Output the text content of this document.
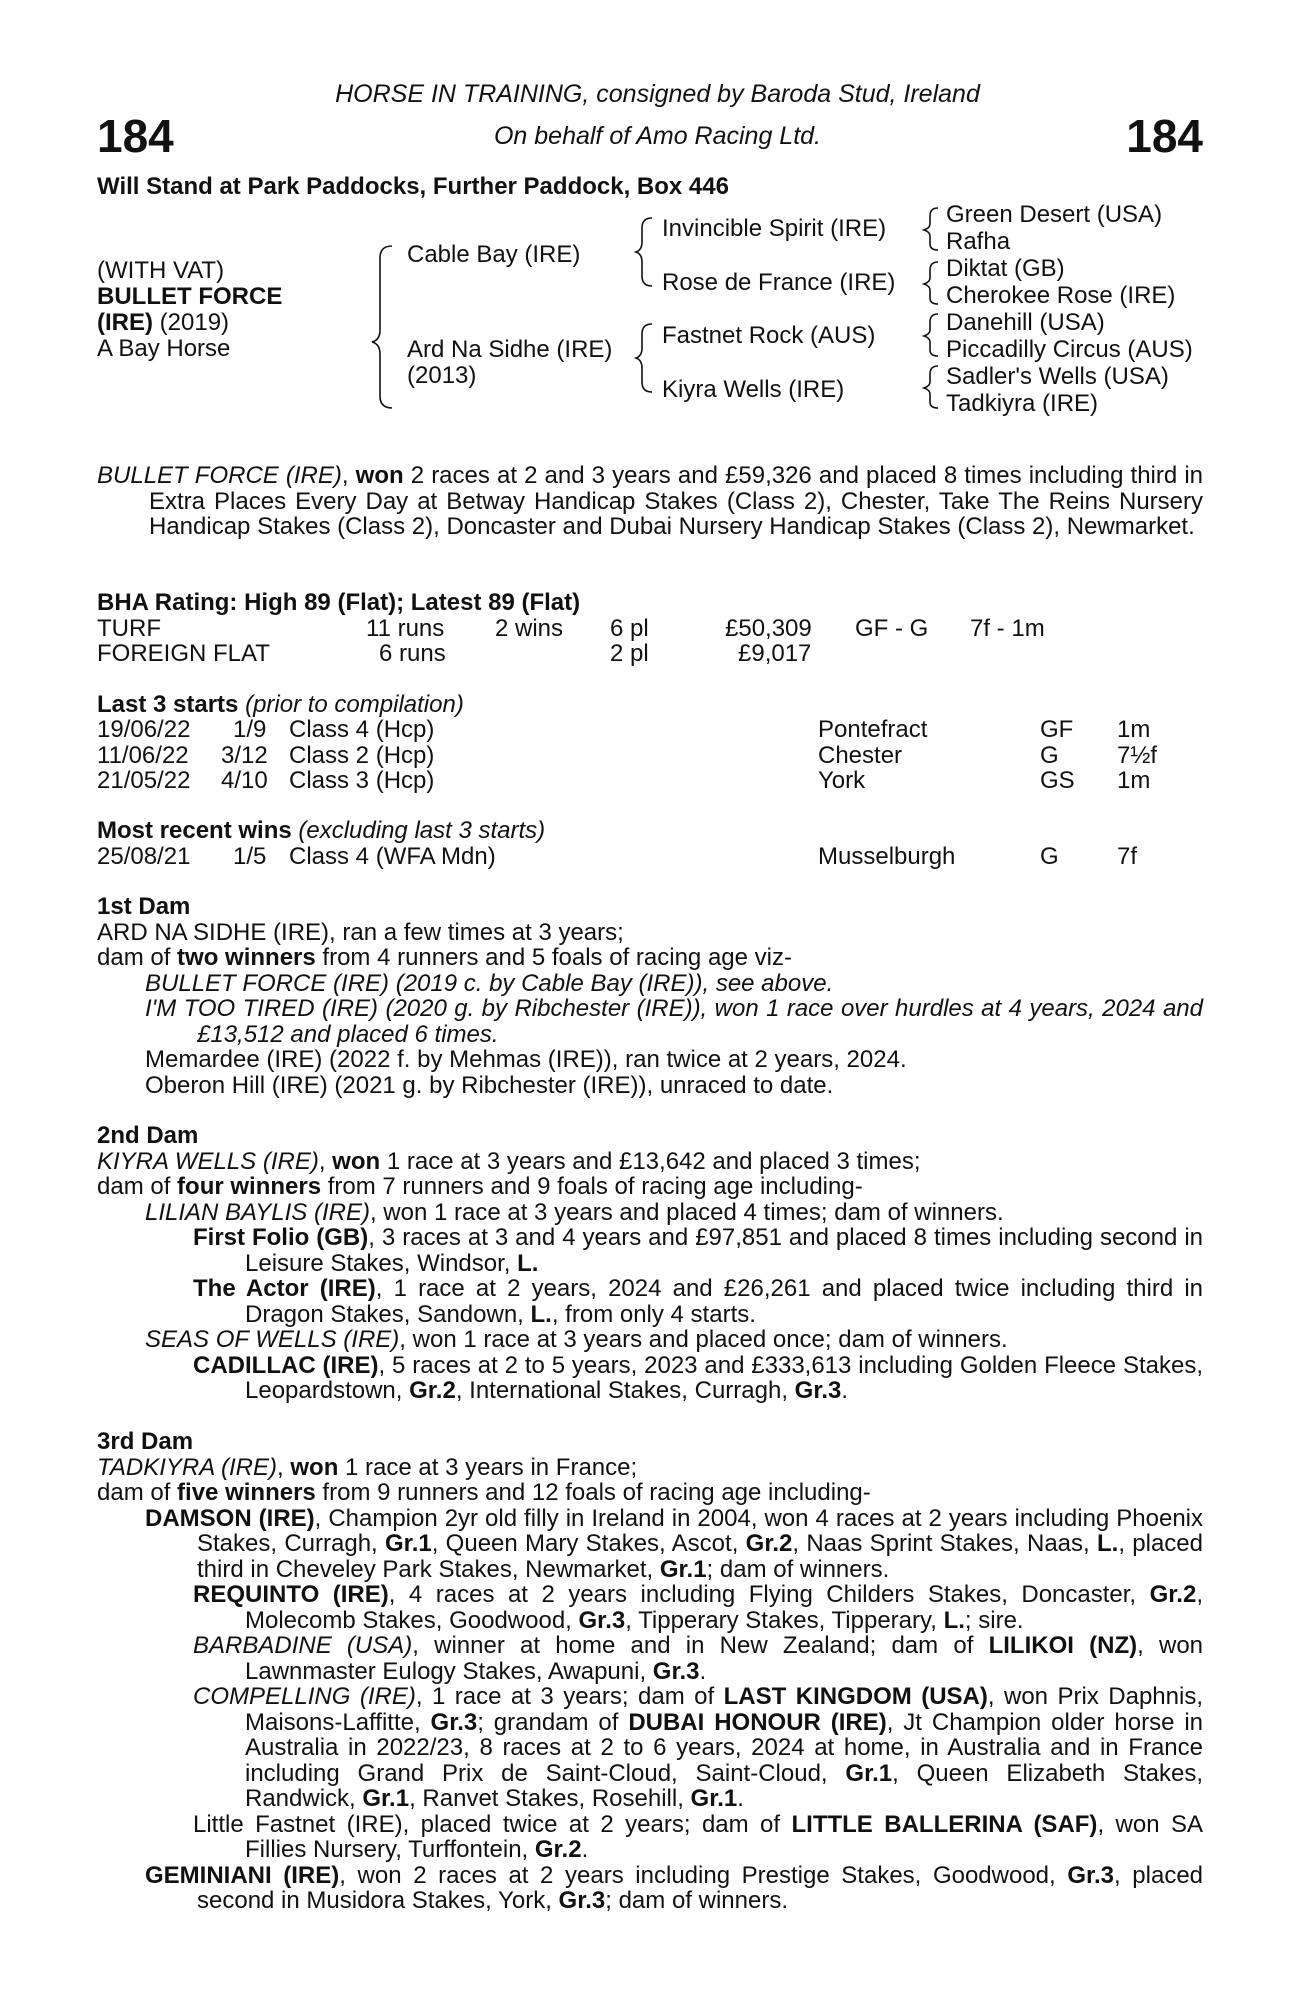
184	184
HORSE IN TRAINING, consigned by Baroda Stud, Ireland
On behalf of Amo Racing Ltd.
Will Stand at Park Paddocks, Further Paddock, Box 446
(WITH VAT)
BULLET FORCE
(IRE) (2019)
A Bay Horse
Cable Bay (IRE)
Ard Na Sidhe (IRE)
(2013)
Invincible Spirit (IRE)
Rose de France (IRE)
Fastnet Rock (AUS)
Kiyra Wells (IRE)
Green Desert (USA)
Rafha
Diktat (GB)
Cherokee Rose (IRE)
Danehill (USA)
Piccadilly Circus (AUS)
Sadler's Wells (USA)
Tadkiyra (IRE)

BULLET FORCE (IRE), won 2 races at 2 and 3 years and £59,326 and placed 8 times including third in Extra Places Every Day at Betway Handicap Stakes (Class 2), Chester, Take The Reins Nursery Handicap Stakes (Class 2), Doncaster and Dubai Nursery Handicap Stakes (Class 2), Newmarket.

BHA Rating: High 89 (Flat); Latest 89 (Flat)
TURF	11 runs 2 wins 6 pl	£50,309 GF - G 7f - 1m
FOREIGN FLAT	6 runs	2 pl	£9,017
Last 3 starts (prior to compilation)
19/06/22 1/9 Class 4 (Hcp)	Pontefract	GF 1m
11/06/22 3/12 Class 2 (Hcp)	Chester	G 7½f
21/05/22 4/10 Class 3 (Hcp)	York	GS 1m
Most recent wins (excluding last 3 starts)
25/08/21 1/5 Class 4 (WFA Mdn)	Musselburgh	G 7f

1st Dam

ARD NA SIDHE (IRE), ran a few times at 3 years;

dam of two winners from 4 runners and 5 foals of racing age viz-

BULLET FORCE (IRE) (2019 c. by Cable Bay (IRE)), see above.

I'M TOO TIRED (IRE) (2020 g. by Ribchester (IRE)), won 1 race over hurdles at 4 years, 2024 and £13,512 and placed 6 times.

Memardee (IRE) (2022 f. by Mehmas (IRE)), ran twice at 2 years, 2024.

Oberon Hill (IRE) (2021 g. by Ribchester (IRE)), unraced to date.

2nd Dam

KIYRA WELLS (IRE), won 1 race at 3 years and £13,642 and placed 3 times;

dam of four winners from 7 runners and 9 foals of racing age including-

LILIAN BAYLIS (IRE), won 1 race at 3 years and placed 4 times; dam of winners.

First Folio (GB), 3 races at 3 and 4 years and £97,851 and placed 8 times including second in Leisure Stakes, Windsor, L.

The Actor (IRE), 1 race at 2 years, 2024 and £26,261 and placed twice including third in Dragon Stakes, Sandown, L., from only 4 starts.

SEAS OF WELLS (IRE), won 1 race at 3 years and placed once; dam of winners.

CADILLAC (IRE), 5 races at 2 to 5 years, 2023 and £333,613 including Golden Fleece Stakes, Leopardstown, Gr.2, International Stakes, Curragh, Gr.3.

3rd Dam

TADKIYRA (IRE), won 1 race at 3 years in France;

dam of five winners from 9 runners and 12 foals of racing age including-

DAMSON (IRE), Champion 2yr old filly in Ireland in 2004, won 4 races at 2 years including Phoenix Stakes, Curragh, Gr.1, Queen Mary Stakes, Ascot, Gr.2, Naas Sprint Stakes, Naas, L., placed third in Cheveley Park Stakes, Newmarket, Gr.1; dam of winners.

REQUINTO (IRE), 4 races at 2 years including Flying Childers Stakes, Doncaster, Gr.2, Molecomb Stakes, Goodwood, Gr.3, Tipperary Stakes, Tipperary, L.; sire.

BARBADINE (USA), winner at home and in New Zealand; dam of LILIKOI (NZ), won Lawnmaster Eulogy Stakes, Awapuni, Gr.3.

COMPELLING (IRE), 1 race at 3 years; dam of LAST KINGDOM (USA), won Prix Daphnis, Maisons-Laffitte, Gr.3; grandam of DUBAI HONOUR (IRE), Jt Champion older horse in Australia in 2022/23, 8 races at 2 to 6 years, 2024 at home, in Australia and in France including Grand Prix de Saint-Cloud, Saint-Cloud, Gr.1, Queen Elizabeth Stakes, Randwick, Gr.1, Ranvet Stakes, Rosehill, Gr.1.

Little Fastnet (IRE), placed twice at 2 years; dam of LITTLE BALLERINA (SAF), won SA Fillies Nursery, Turffontein, Gr.2.

GEMINIANI (IRE), won 2 races at 2 years including Prestige Stakes, Goodwood, Gr.3, placed second in Musidora Stakes, York, Gr.3; dam of winners.
